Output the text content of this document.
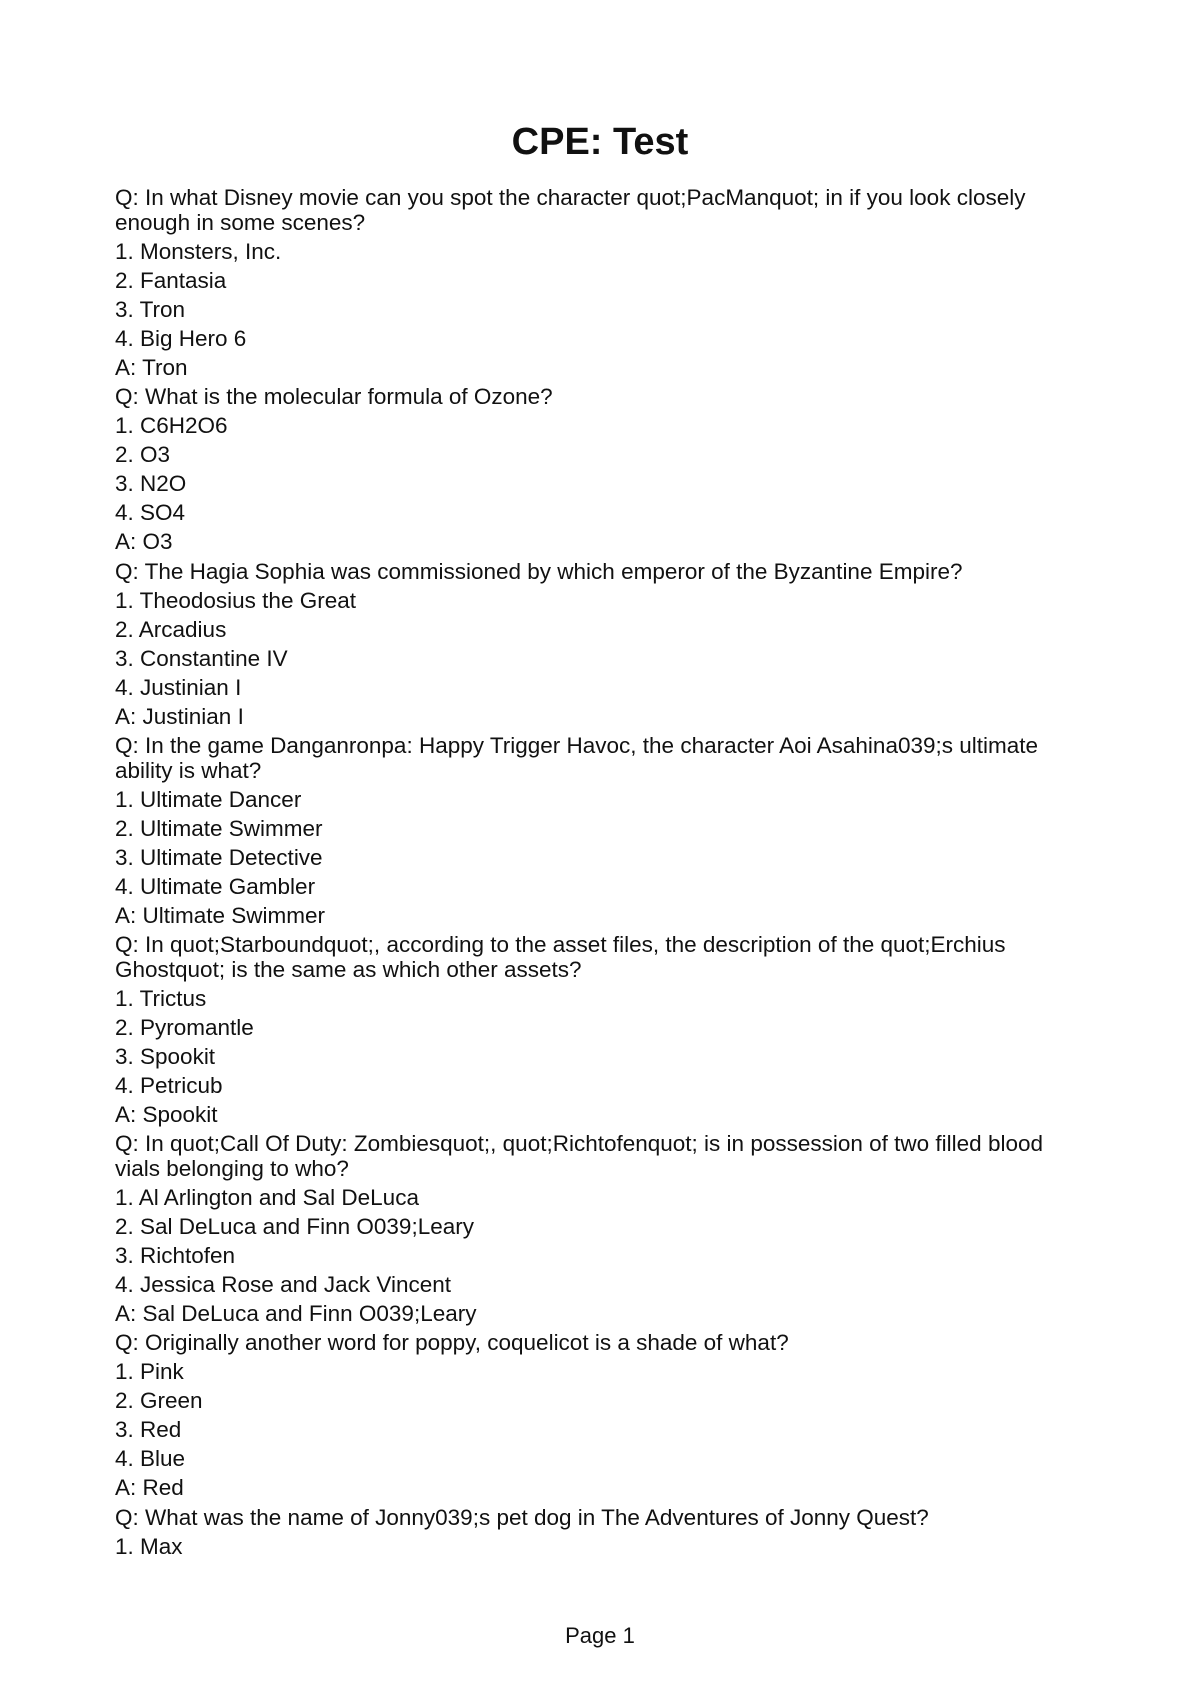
CPE: Test
Q: In what Disney movie can you spot the character quot;PacManquot; in if you look closely enough in some scenes?
1. Monsters, Inc.
2. Fantasia
3. Tron
4. Big Hero 6
A: Tron
Q: What is the molecular formula of Ozone?
1. C6H2O6
2. O3
3. N2O
4. SO4
A: O3
Q: The Hagia Sophia was commissioned by which emperor of the Byzantine Empire?
1. Theodosius the Great
2. Arcadius
3. Constantine IV
4. Justinian I
A: Justinian I
Q: In the game Danganronpa: Happy Trigger Havoc, the character Aoi Asahina039;s ultimate ability is what?
1. Ultimate Dancer
2. Ultimate Swimmer
3. Ultimate Detective
4. Ultimate Gambler
A: Ultimate Swimmer
Q: In quot;Starboundquot;, according to the asset files, the description of the quot;Erchius Ghostquot; is the same as which other assets?
1. Trictus
2. Pyromantle
3. Spookit
4. Petricub
A: Spookit
Q: In quot;Call Of Duty: Zombiesquot;, quot;Richtofenquot; is in possession of two filled blood vials belonging to who?
1. Al Arlington and Sal DeLuca
2. Sal DeLuca and Finn O039;Leary
3. Richtofen
4. Jessica Rose and Jack Vincent
A: Sal DeLuca and Finn O039;Leary
Q: Originally another word for poppy, coquelicot is a shade of what?
1. Pink
2. Green
3. Red
4. Blue
A: Red
Q: What was the name of Jonny039;s pet dog in The Adventures of Jonny Quest?
1. Max
Page 1
